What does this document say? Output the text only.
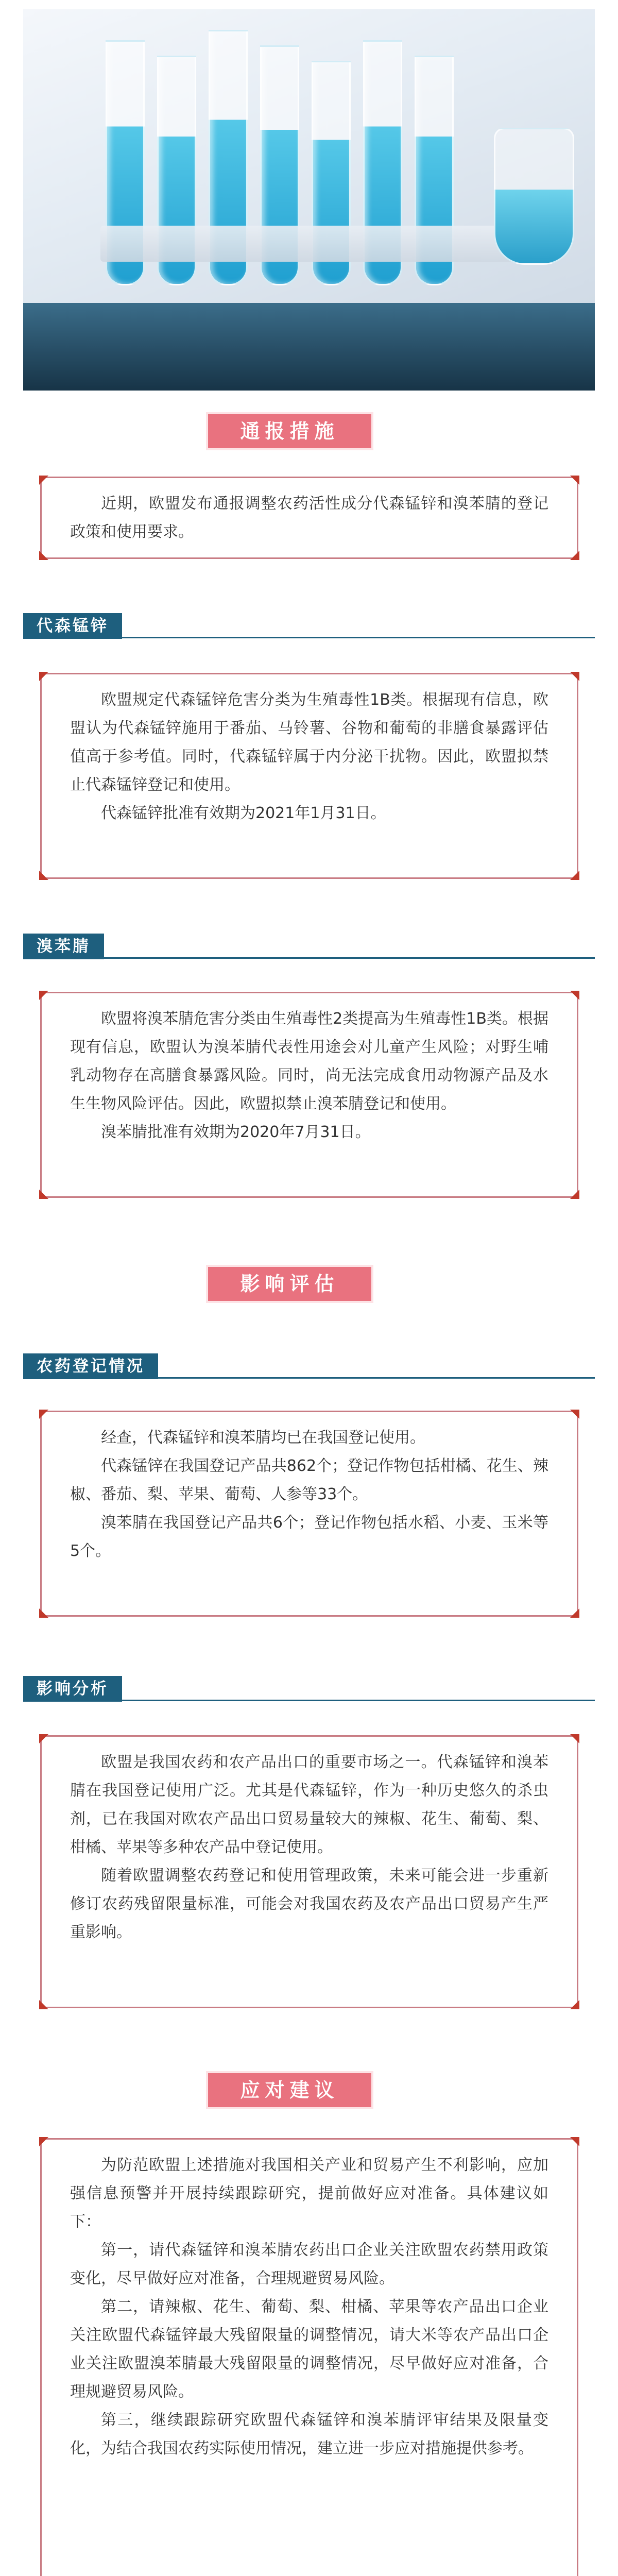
通报措施

近期，欧盟发布通报调整农药活性成分代森锰锌和溴苯腈的登记政策和使用要求。

代森锰锌

欧盟规定代森锰锌危害分类为生殖毒性1B类。根据现有信息，欧盟认为代森锰锌施用于番茄、马铃薯、谷物和葡萄的非膳食暴露评估值高于参考值。同时，代森锰锌属于内分泌干扰物。因此，欧盟拟禁止代森锰锌登记和使用。

代森锰锌批准有效期为2021年1月31日。

溴苯腈

欧盟将溴苯腈危害分类由生殖毒性2类提高为生殖毒性1B类。根据现有信息，欧盟认为溴苯腈代表性用途会对儿童产生风险；对野生哺乳动物存在高膳食暴露风险。同时，尚无法完成食用动物源产品及水生生物风险评估。因此，欧盟拟禁止溴苯腈登记和使用。

溴苯腈批准有效期为2020年7月31日。

影响评估
农药登记情况

经查，代森锰锌和溴苯腈均已在我国登记使用。

代森锰锌在我国登记产品共862个；登记作物包括柑橘、花生、辣椒、番茄、梨、苹果、葡萄、人参等33个。

溴苯腈在我国登记产品共6个；登记作物包括水稻、小麦、玉米等5个。

影响分析

欧盟是我国农药和农产品出口的重要市场之一。代森锰锌和溴苯腈在我国登记使用广泛。尤其是代森锰锌，作为一种历史悠久的杀虫剂，已在我国对欧农产品出口贸易量较大的辣椒、花生、葡萄、梨、柑橘、苹果等多种农产品中登记使用。

随着欧盟调整农药登记和使用管理政策，未来可能会进一步重新修订农药残留限量标准，可能会对我国农药及农产品出口贸易产生严重影响。

应对建议

为防范欧盟上述措施对我国相关产业和贸易产生不利影响，应加强信息预警并开展持续跟踪研究，提前做好应对准备。具体建议如下：

第一，请代森锰锌和溴苯腈农药出口企业关注欧盟农药禁用政策变化，尽早做好应对准备，合理规避贸易风险。

第二，请辣椒、花生、葡萄、梨、柑橘、苹果等农产品出口企业关注欧盟代森锰锌最大残留限量的调整情况，请大米等农产品出口企业关注欧盟溴苯腈最大残留限量的调整情况，尽早做好应对准备，合理规避贸易风险。

第三，继续跟踪研究欧盟代森锰锌和溴苯腈评审结果及限量变化，为结合我国农药实际使用情况，建立进一步应对措施提供参考。
